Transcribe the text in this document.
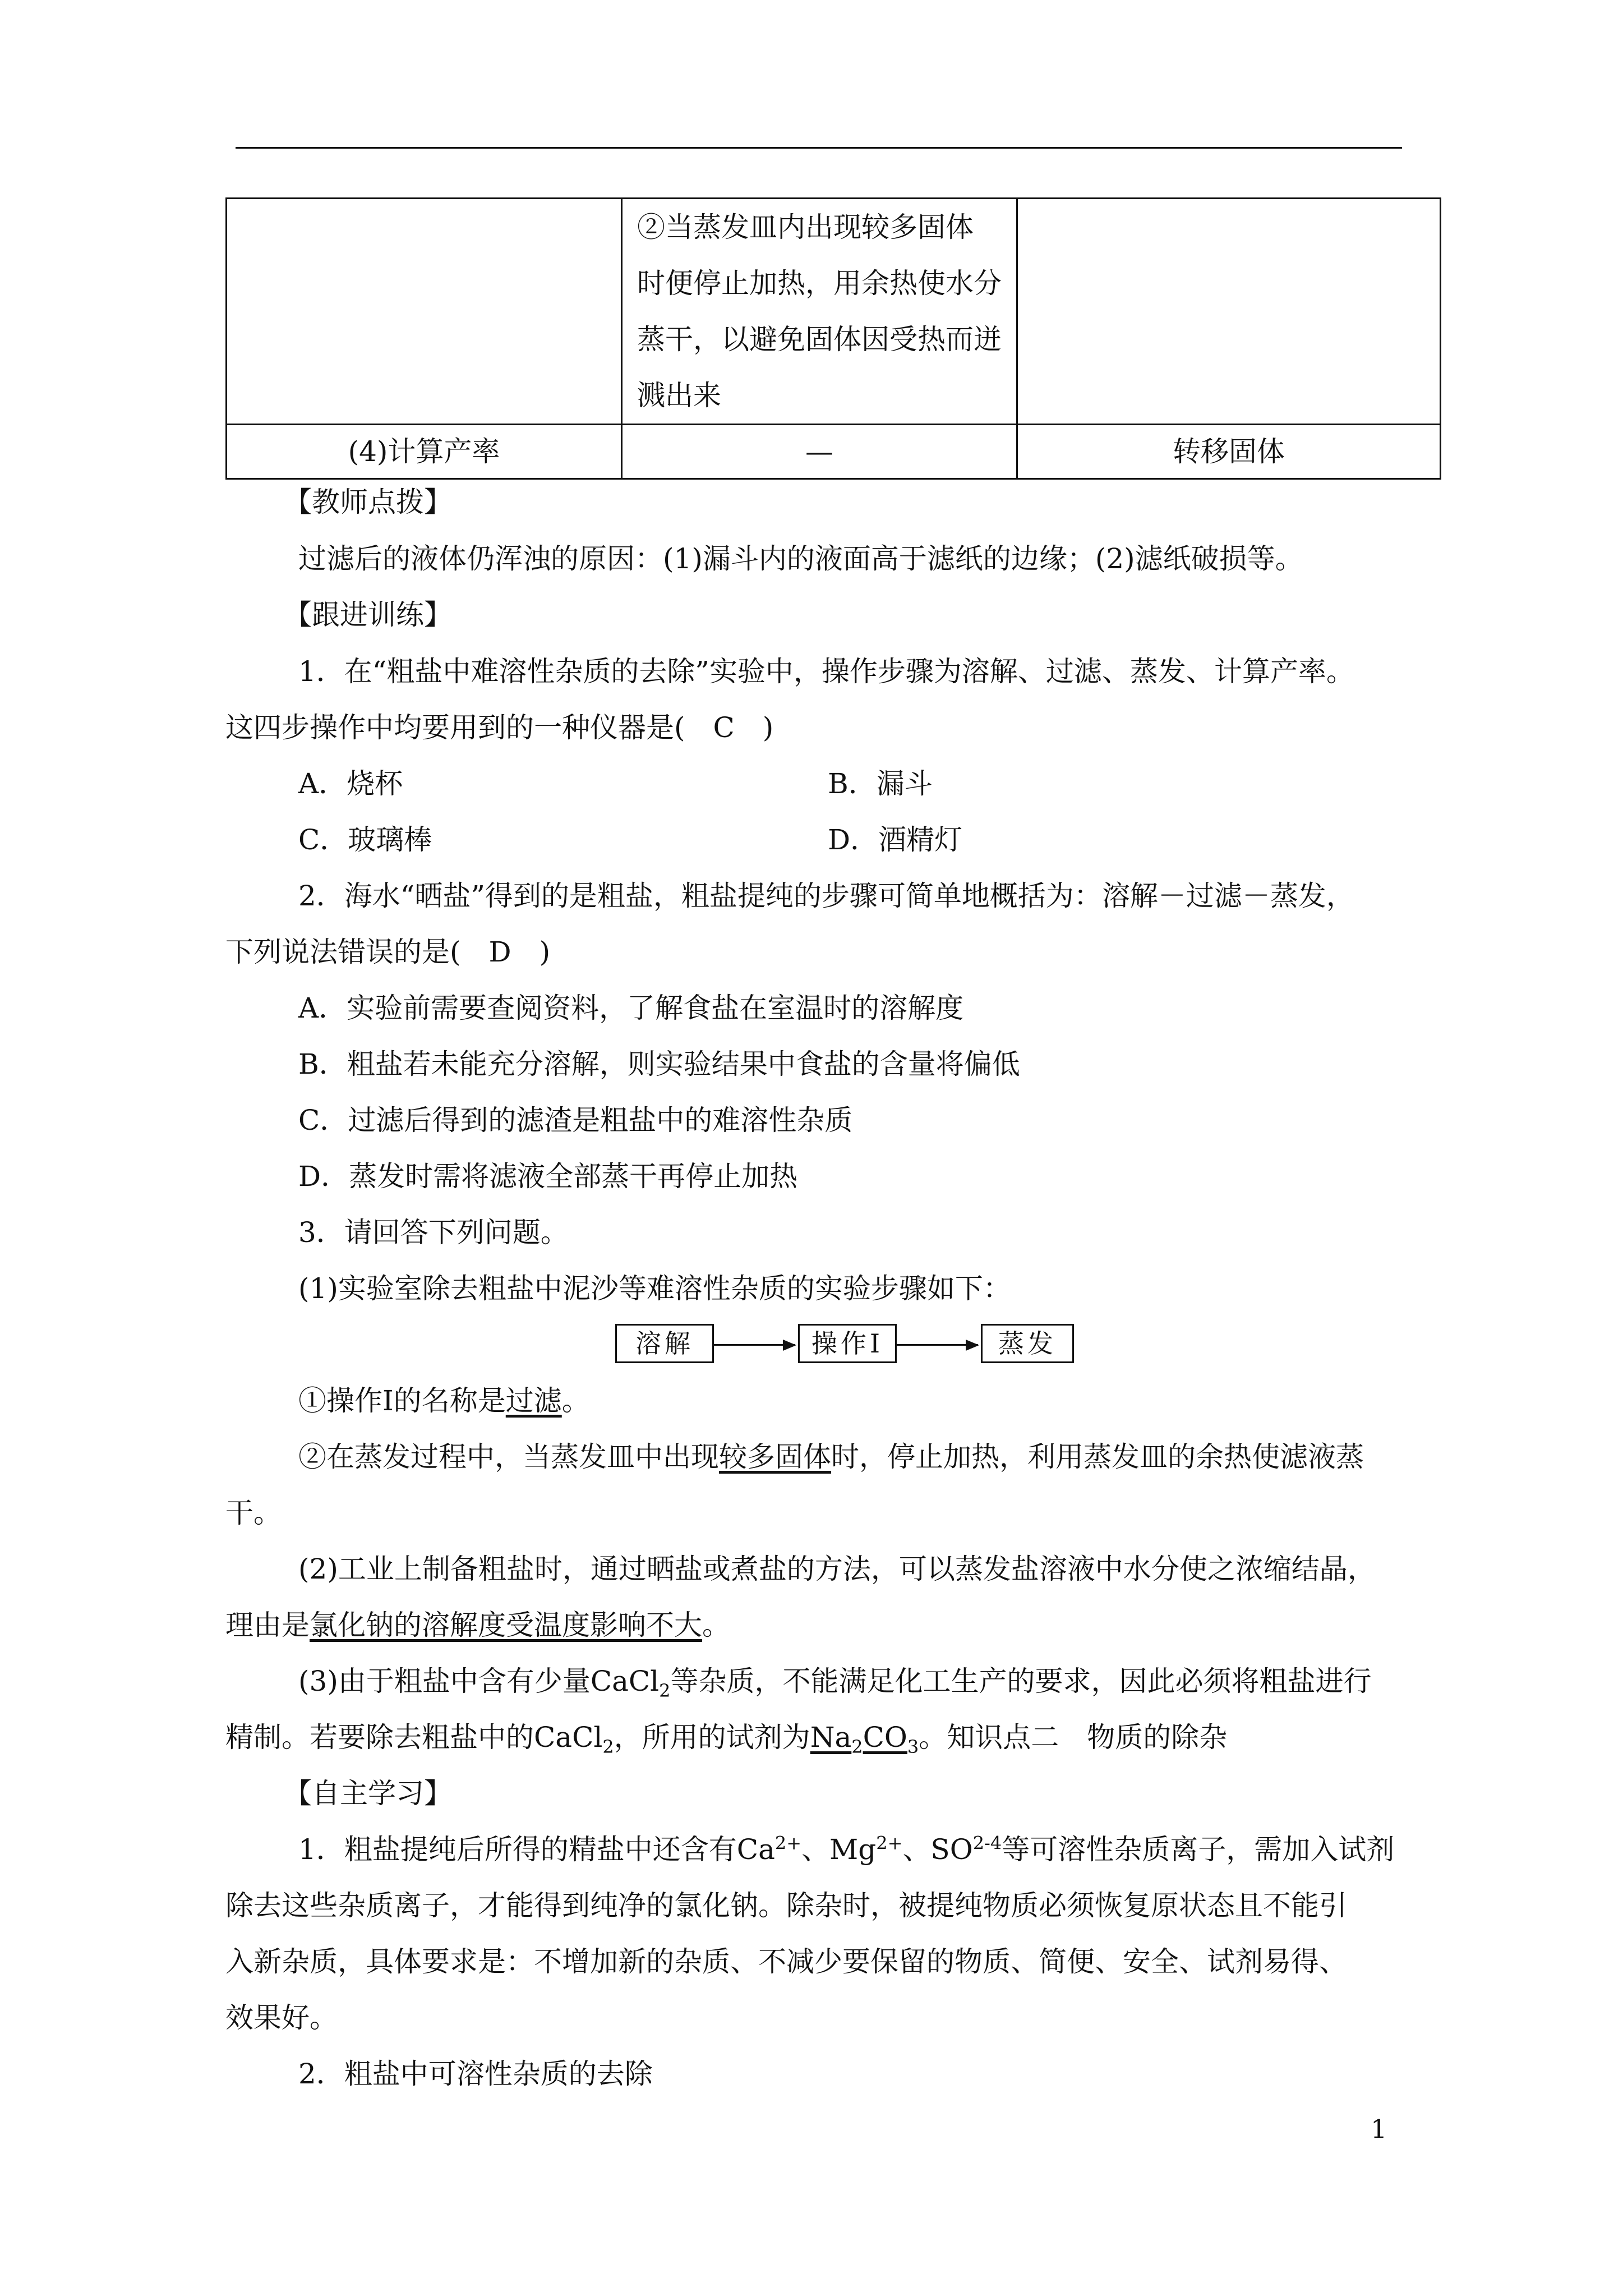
	②当蒸发皿内出现较多固体
时便停止加热，用余热使水分
蒸干，以避免固体因受热而迸
溅出来	

(4)计算产率	—	转移固体
【教师点拨】
过滤后的液体仍浑浊的原因：(1)漏斗内的液面高于滤纸的边缘；(2)滤纸破损等。
【跟进训练】
1．在“粗盐中难溶性杂质的去除”实验中，操作步骤为溶解、过滤、蒸发、计算产率。
这四步操作中均要用到的一种仪器是(　C　)
A．烧杯	B．漏斗
C．玻璃棒	D．酒精灯
2．海水“晒盐”得到的是粗盐，粗盐提纯的步骤可简单地概括为：溶解－过滤－蒸发，
下列说法错误的是(　D　)
A．实验前需要查阅资料，了解食盐在室温时的溶解度
B．粗盐若未能充分溶解，则实验结果中食盐的含量将偏低
C．过滤后得到的滤渣是粗盐中的难溶性杂质
D．蒸发时需将滤液全部蒸干再停止加热
3．请回答下列问题。
(1)实验室除去粗盐中泥沙等难溶性杂质的实验步骤如下：
溶解	操作Ⅰ	蒸发
①操作Ⅰ的名称是过滤。
②在蒸发过程中，当蒸发皿中出现较多固体时，停止加热，利用蒸发皿的余热使滤液蒸
干。
(2)工业上制备粗盐时，通过晒盐或煮盐的方法，可以蒸发盐溶液中水分使之浓缩结晶，
理由是氯化钠的溶解度受温度影响不大。
(3)由于粗盐中含有少量CaCl$_2$等杂质，不能满足化工生产的要求，因此必须将粗盐进行
精制。若要除去粗盐中的CaCl$_2$，所用的试剂为$Na_2CO_3$。知识点二　物质的除杂
【自主学习】
1．粗盐提纯后所得的精盐中还含有$Ca^{2+}$、$Mg^{2+}$、SO$^{2-4}$等可溶性杂质离子，需加入试剂
除去这些杂质离子，才能得到纯净的氯化钠。除杂时，被提纯物质必须恢复原状态且不能引
入新杂质，具体要求是：不增加新的杂质、不减少要保留的物质、简便、安全、试剂易得、
效果好。
2．粗盐中可溶性杂质的去除
1
